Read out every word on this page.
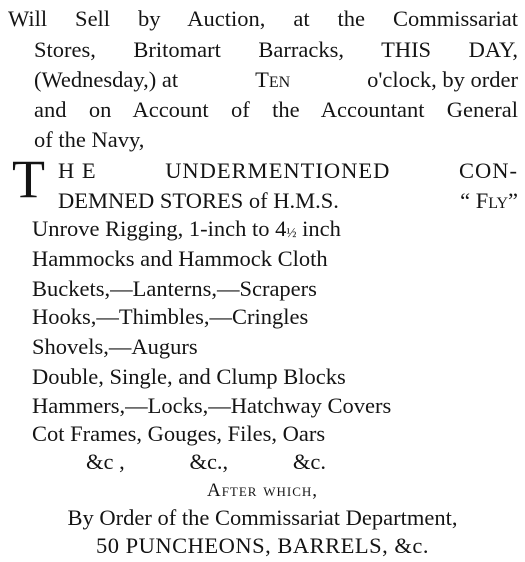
Will Sell by Auction, at the Commissariat
Stores, Britomart Barracks, THIS DAY,
(Wednesday,) at	Ten	o'clock, by order
and on Account of the Accountant General
of the Navy,
T H E	UNDERMENTIONED	CON-
DEMNED STORES of H.M.S.	“ Fly”
Unrove Rigging, 1-inch to 4½ inch
Hammocks and Hammock Cloth
Buckets,—Lanterns,—Scrapers
Hooks,—Thimbles,—Cringles
Shovels,—Augurs
Double, Single, and Clump Blocks
Hammers,—Locks,—Hatchway Covers
Cot Frames, Gouges, Files, Oars
&c ,	&c.,	&c.
After which,
By Order of the Commissariat Department,
50 PUNCHEONS, BARRELS, &c.
